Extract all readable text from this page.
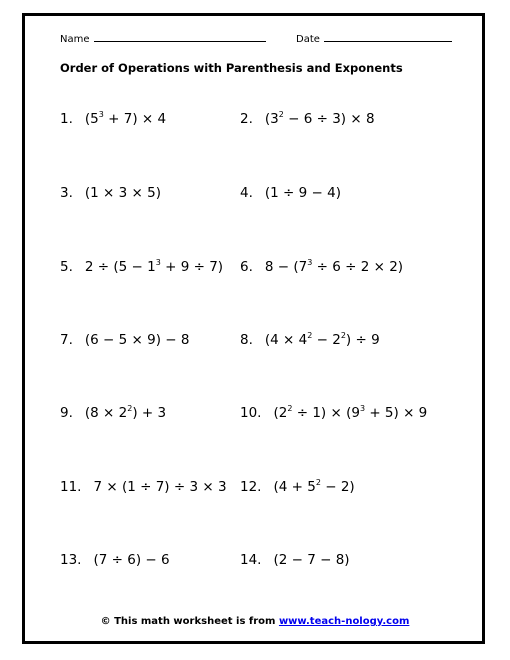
Name	Date
Order of Operations with Parenthesis and Exponents
1. $(5^3 + 7) \times 4$	2. $(3^2 - 6 \div 3) \times 8$
3. (1 × 3 × 5)	4. (1 ÷ 9 − 4)
5. $2 \div (5 - 1^3 + 9 \div 7)$ 6. $8 - (7^3 \div 6 \div 2 \times 2)$
7. (6 − 5 × 9) − 8	8. $(4 \times 4^2 - 2^2) \div 9$
9. $(8 \times 2^2) + 3$	10. $(2^2 \div 1) \times (9^3 + 5) \times 9$
11. 7 × (1 ÷ 7) ÷ 3 × 3 12. $(4 + 5^2 - 2)$
13. (7 ÷ 6) − 6	14. (2 − 7 − 8)
© This math worksheet is from www.teach-nology.com
